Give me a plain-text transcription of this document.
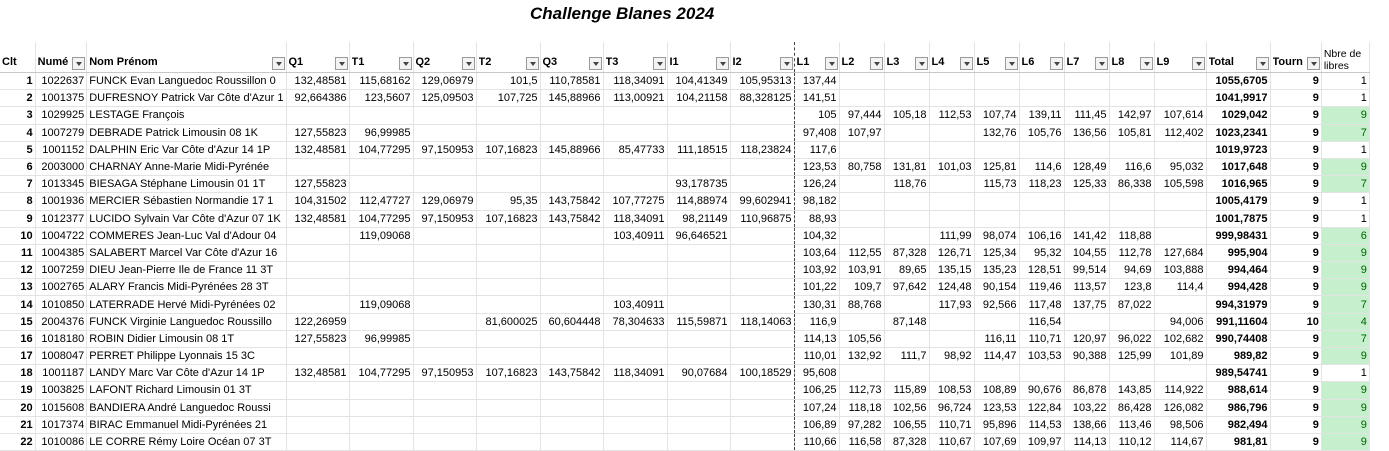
Challenge Blanes 2024
Clt	Numé	Nom Prénom	Q1	T1	Q2	T2	Q3	T3	I1	I2	L1	L2	L3	L4	L5	L6	L7	L8	L9	Total	Tourn	Nbre de libres
1	1022637	FUNCK Evan Languedoc Roussillon 0	132,48581	115,68162	129,06979	101,5	110,78581	118,34091	104,41349	105,95313	137,44									1055,6705	9	1
2	1001375	DUFRESNOY Patrick Var Côte d'Azur 1	92,664386	123,5607	125,09503	107,725	145,88966	113,00921	104,21158	88,328125	141,51									1041,9917	9	1
3	1029925	LESTAGE François									105	97,444	105,18	112,53	107,74	139,11	111,45	142,97	107,614	1029,042	9	9
4	1007279	DEBRADE Patrick Limousin 08 1K	127,55823	96,99985							97,408	107,97			132,76	105,76	136,56	105,81	112,402	1023,2341	9	7
5	1001152	DALPHIN Eric Var Côte d'Azur 14 1P	132,48581	104,77295	97,150953	107,16823	145,88966	85,47733	111,18515	118,23824	117,6									1019,9723	9	1
6	2003000	CHARNAY Anne-Marie Midi-Pyrénée									123,53	80,758	131,81	101,03	125,81	114,6	128,49	116,6	95,032	1017,648	9	9
7	1013345	BIESAGA Stéphane Limousin 01 1T	127,55823						93,178735		126,24		118,76		115,73	118,23	125,33	86,338	105,598	1016,965	9	7
8	1001936	MERCIER Sébastien Normandie 17 1	104,31502	112,47727	129,06979	95,35	143,75842	107,77275	114,88974	99,602941	98,182									1005,4179	9	1
9	1012377	LUCIDO Sylvain Var Côte d'Azur 07 1K	132,48581	104,77295	97,150953	107,16823	143,75842	118,34091	98,21149	110,96875	88,93									1001,7875	9	1
10	1004722	COMMERES Jean-Luc Val d'Adour 04		119,09068				103,40911	96,646521		104,32			111,99	98,074	106,16	141,42	118,88		999,98431	9	6
11	1004385	SALABERT Marcel Var Côte d'Azur 16									103,64	112,55	87,328	126,71	125,34	95,32	104,55	112,78	127,684	995,904	9	9
12	1007259	DIEU Jean-Pierre Ile de France 11 3T									103,92	103,91	89,65	135,15	135,23	128,51	99,514	94,69	103,888	994,464	9	9
13	1002765	ALARY Francis Midi-Pyrénées 28 3T									101,22	109,7	97,642	124,48	90,154	119,46	113,57	123,8	114,4	994,428	9	9
14	1010850	LATERRADE Hervé Midi-Pyrénées 02		119,09068				103,40911			130,31	88,768		117,93	92,566	117,48	137,75	87,022		994,31979	9	7
15	2004376	FUNCK Virginie Languedoc Roussillo	122,26959			81,600025	60,604448	78,304633	115,59871	118,14063	116,9		87,148			116,54			94,006	991,11604	10	4
16	1018180	ROBIN Didier Limousin 08 1T	127,55823	96,99985							114,13	105,56			116,11	110,71	120,97	96,022	102,682	990,74408	9	7
17	1008047	PERRET Philippe Lyonnais 15 3C									110,01	132,92	111,7	98,92	114,47	103,53	90,388	125,99	101,89	989,82	9	9
18	1001187	LANDY Marc Var Côte d'Azur 14 1P	132,48581	104,77295	97,150953	107,16823	143,75842	118,34091	90,07684	100,18529	95,608									989,54741	9	1
19	1003825	LAFONT Richard Limousin 01 3T									106,25	112,73	115,89	108,53	108,89	90,676	86,878	143,85	114,922	988,614	9	9
20	1015608	BANDIERA André Languedoc Roussi									107,24	118,18	102,56	96,724	123,53	122,84	103,22	86,428	126,082	986,796	9	9
21	1017374	BIRAC Emmanuel Midi-Pyrénées 21									106,89	97,282	106,55	110,71	95,896	114,53	138,66	113,46	98,506	982,494	9	9
22	1010086	LE CORRE Rémy Loire Océan 07 3T									110,66	116,58	87,328	110,67	107,69	109,97	114,13	110,12	114,67	981,81	9	9
